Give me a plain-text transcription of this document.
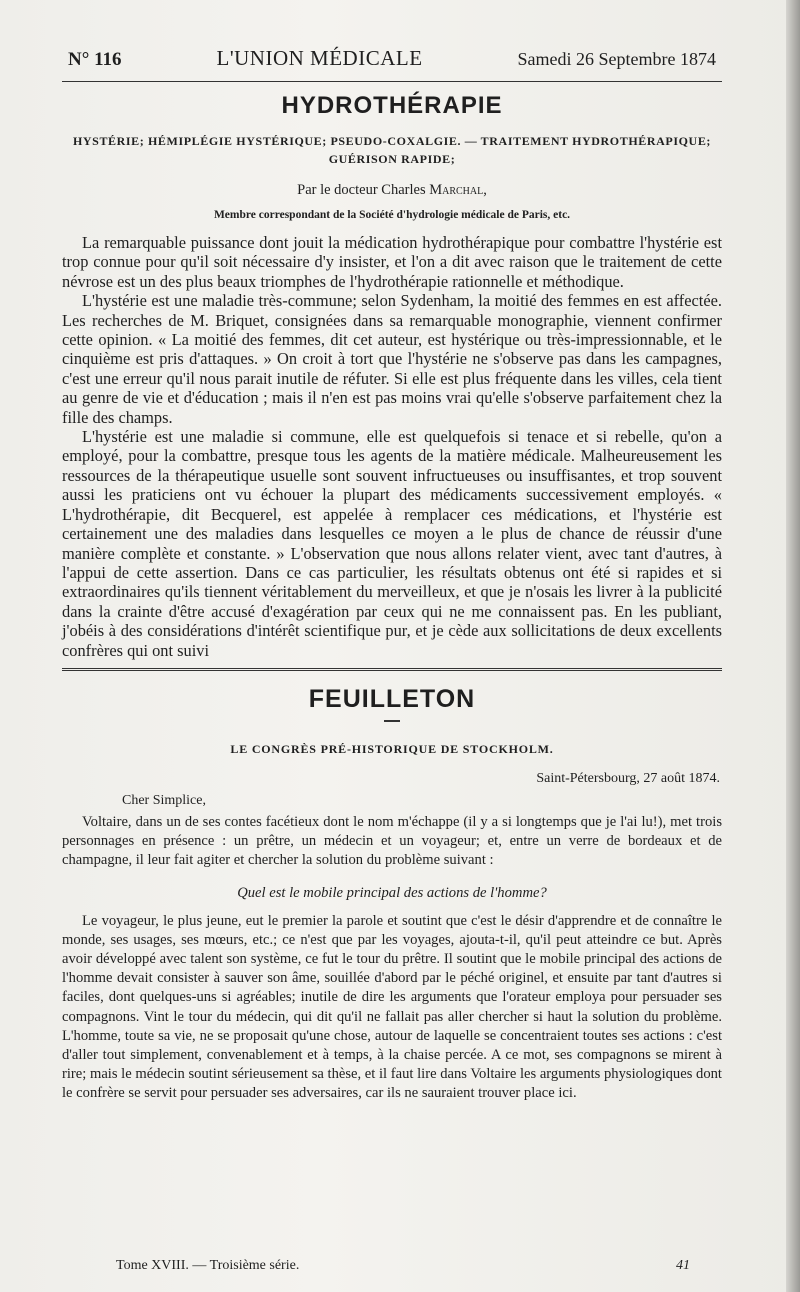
N° 116	L'UNION MÉDICALE	Samedi 26 Septembre 1874
HYDROTHÉRAPIE
HYSTÉRIE; HÉMIPLÉGIE HYSTÉRIQUE; PSEUDO-COXALGIE. — TRAITEMENT HYDROTHÉRAPIQUE; GUÉRISON RAPIDE;
Par le docteur Charles Marchal,
Membre correspondant de la Société d'hydrologie médicale de Paris, etc.

La remarquable puissance dont jouit la médication hydrothérapique pour combattre l'hystérie est trop connue pour qu'il soit nécessaire d'y insister, et l'on a dit avec raison que le traitement de cette névrose est un des plus beaux triomphes de l'hydrothérapie rationnelle et méthodique.

L'hystérie est une maladie très-commune; selon Sydenham, la moitié des femmes en est affectée. Les recherches de M. Briquet, consignées dans sa remarquable monographie, viennent confirmer cette opinion. « La moitié des femmes, dit cet auteur, est hystérique ou très-impressionnable, et le cinquième est pris d'attaques. » On croit à tort que l'hystérie ne s'observe pas dans les campagnes, c'est une erreur qu'il nous parait inutile de réfuter. Si elle est plus fréquente dans les villes, cela tient au genre de vie et d'éducation ; mais il n'en est pas moins vrai qu'elle s'observe parfaitement chez la fille des champs.

L'hystérie est une maladie si commune, elle est quelquefois si tenace et si rebelle, qu'on a employé, pour la combattre, presque tous les agents de la matière médicale. Malheureusement les ressources de la thérapeutique usuelle sont souvent infructueuses ou insuffisantes, et trop souvent aussi les praticiens ont vu échouer la plupart des médicaments successivement employés. « L'hydrothérapie, dit Becquerel, est appelée à remplacer ces médications, et l'hystérie est certainement une des maladies dans lesquelles ce moyen a le plus de chance de réussir d'une manière complète et constante. » L'observation que nous allons relater vient, avec tant d'autres, à l'appui de cette assertion. Dans ce cas particulier, les résultats obtenus ont été si rapides et si extraordinaires qu'ils tiennent véritablement du merveilleux, et que je n'osais les livrer à la publicité dans la crainte d'être accusé d'exagération par ceux qui ne me connaissent pas. En les publiant, j'obéis à des considérations d'intérêt scientifique pur, et je cède aux sollicitations de deux excellents confrères qui ont suivi

FEUILLETON
LE CONGRÈS PRÉ-HISTORIQUE DE STOCKHOLM.
Saint-Pétersbourg, 27 août 1874.
Cher Simplice,

Voltaire, dans un de ses contes facétieux dont le nom m'échappe (il y a si longtemps que je l'ai lu!), met trois personnages en présence : un prêtre, un médecin et un voyageur; et, entre un verre de bordeaux et de champagne, il leur fait agiter et chercher la solution du problème suivant :

Quel est le mobile principal des actions de l'homme?

Le voyageur, le plus jeune, eut le premier la parole et soutint que c'est le désir d'apprendre et de connaître le monde, ses usages, ses mœurs, etc.; ce n'est que par les voyages, ajouta-t-il, qu'il peut atteindre ce but. Après avoir développé avec talent son système, ce fut le tour du prêtre. Il soutint que le mobile principal des actions de l'homme devait consister à sauver son âme, souillée d'abord par le péché originel, et ensuite par tant d'autres si faciles, dont quelques-uns si agréables; inutile de dire les arguments que l'orateur employa pour persuader ses compagnons. Vint le tour du médecin, qui dit qu'il ne fallait pas aller chercher si haut la solution du problème. L'homme, toute sa vie, ne se proposait qu'une chose, autour de laquelle se concentraient toutes ses actions : c'est d'aller tout simplement, convenablement et à temps, à la chaise percée. A ce mot, ses compagnons se mirent à rire; mais le médecin soutint sérieusement sa thèse, et il faut lire dans Voltaire les arguments physiologiques dont le confrère se servit pour persuader ses adversaires, car ils ne sauraient trouver place ici.

Tome XVIII. — Troisième série.	41
